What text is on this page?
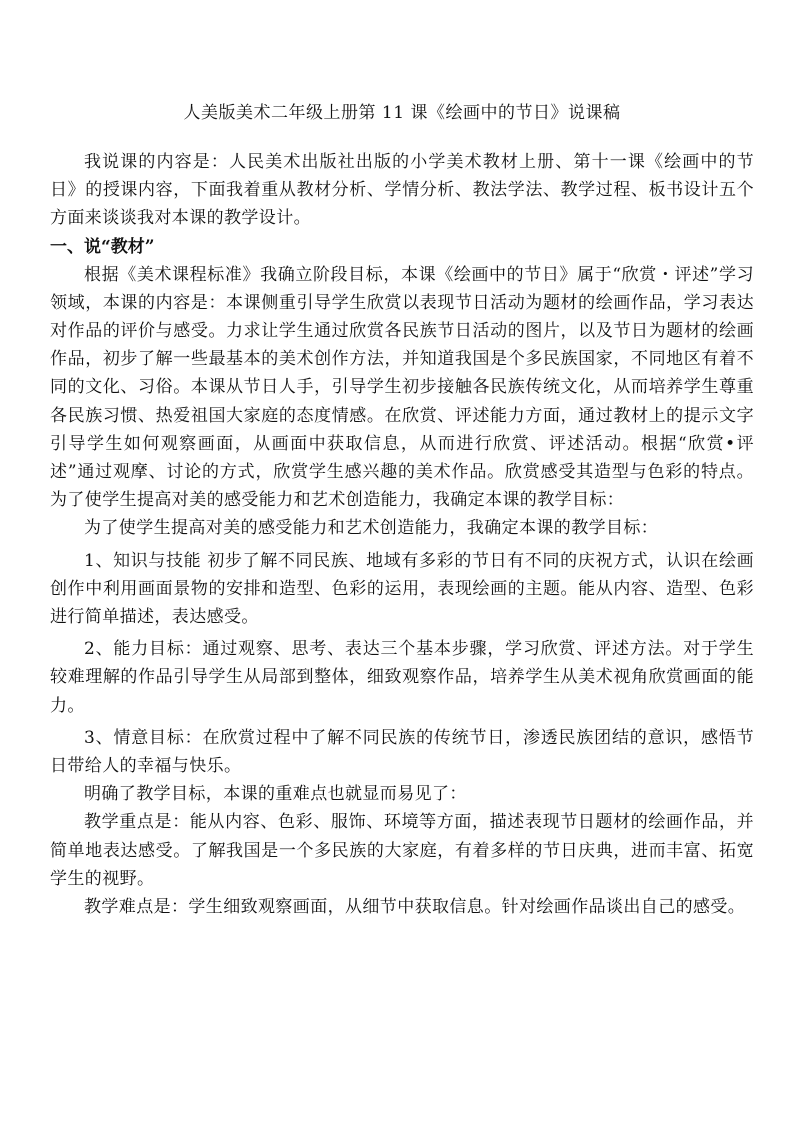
人美版美术二年级上册第 11 课《绘画中的节日》说课稿

我说课的内容是：人民美术出版社出版的小学美术教材上册、第十一课《绘画中的节日》的授课内容，下面我着重从教材分析、学情分析、教法学法、教学过程、板书设计五个方面来谈谈我对本课的教学设计。

一、说“教材”

根据《美术课程标准》我确立阶段目标，本课《绘画中的节日》属于“欣赏・评述”学习领域，本课的内容是：本课侧重引导学生欣赏以表现节日活动为题材的绘画作品，学习表达对作品的评价与感受。力求让学生通过欣赏各民族节日活动的图片，以及节日为题材的绘画作品，初步了解一些最基本的美术创作方法，并知道我国是个多民族国家，不同地区有着不同的文化、习俗。本课从节日人手，引导学生初步接触各民族传统文化，从而培养学生尊重各民族习惯、热爱祖国大家庭的态度情感。在欣赏、评述能力方面，通过教材上的提示文字引导学生如何观察画面，从画面中获取信息，从而进行欣赏、评述活动。根据“欣赏•评述”通过观摩、讨论的方式，欣赏学生感兴趣的美术作品。欣赏感受其造型与色彩的特点。为了使学生提高对美的感受能力和艺术创造能力，我确定本课的教学目标：

为了使学生提高对美的感受能力和艺术创造能力，我确定本课的教学目标：

1、知识与技能 初步了解不同民族、地域有多彩的节日有不同的庆祝方式，认识在绘画创作中利用画面景物的安排和造型、色彩的运用，表现绘画的主题。能从内容、造型、色彩进行简单描述，表达感受。

2、能力目标：通过观察、思考、表达三个基本步骤，学习欣赏、评述方法。对于学生较难理解的作品引导学生从局部到整体，细致观察作品，培养学生从美术视角欣赏画面的能力。

3、情意目标：在欣赏过程中了解不同民族的传统节日，渗透民族团结的意识，感悟节日带给人的幸福与快乐。

明确了教学目标，本课的重难点也就显而易见了：

教学重点是：能从内容、色彩、服饰、环境等方面，描述表现节日题材的绘画作品，并简单地表达感受。了解我国是一个多民族的大家庭，有着多样的节日庆典，进而丰富、拓宽学生的视野。

教学难点是：学生细致观察画面，从细节中获取信息。针对绘画作品谈出自己的感受。
